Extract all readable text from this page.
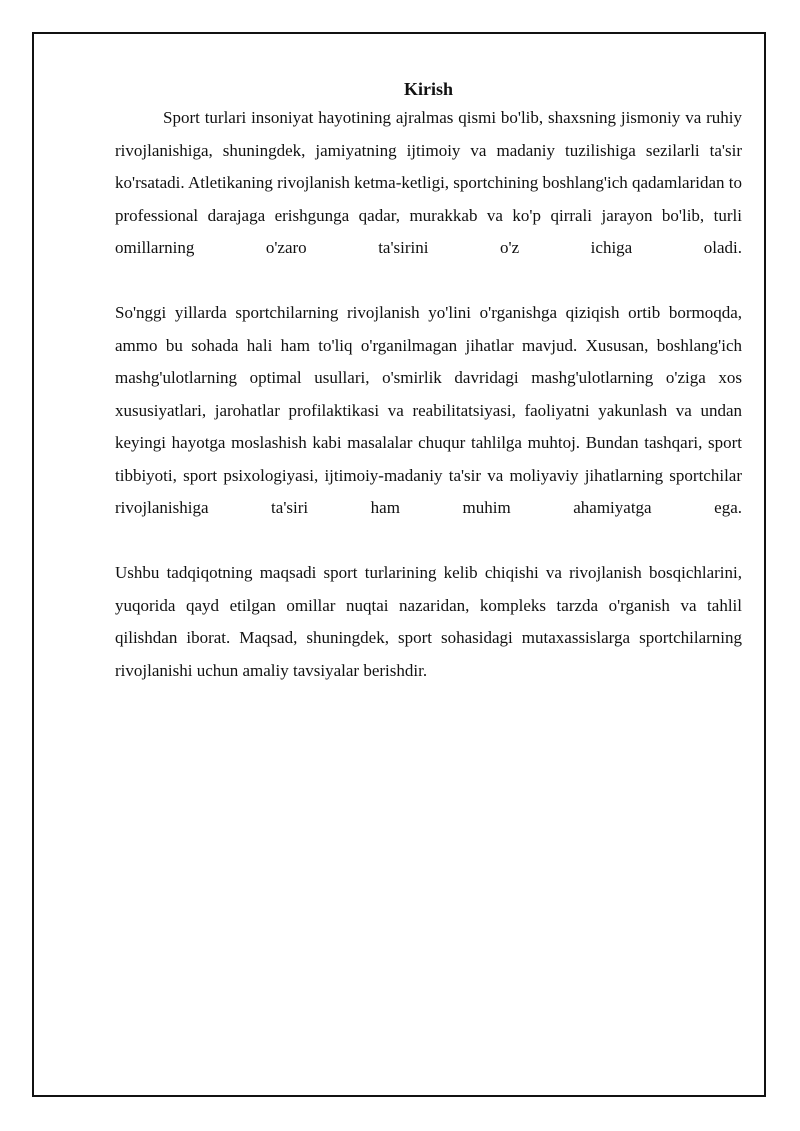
Kirish

Sport turlari insoniyat hayotining ajralmas qismi bo'lib, shaxsning jismoniy va ruhiy rivojlanishiga, shuningdek, jamiyatning ijtimoiy va madaniy tuzilishiga sezilarli ta'sir ko'rsatadi. Atletikaning rivojlanish ketma-ketligi, sportchining boshlang'ich qadamlaridan to professional darajaga erishgunga qadar, murakkab va ko'p qirrali jarayon bo'lib, turli omillarning o'zaro ta'sirini o'z ichiga oladi.

So'nggi yillarda sportchilarning rivojlanish yo'lini o'rganishga qiziqish ortib bormoqda, ammo bu sohada hali ham to'liq o'rganilmagan jihatlar mavjud. Xususan, boshlang'ich mashg'ulotlarning optimal usullari, o'smirlik davridagi mashg'ulotlarning o'ziga xos xususiyatlari, jarohatlar profilaktikasi va reabilitatsiyasi, faoliyatni yakunlash va undan keyingi hayotga moslashish kabi masalalar chuqur tahlilga muhtoj. Bundan tashqari, sport tibbiyoti, sport psixologiyasi, ijtimoiy-madaniy ta'sir va moliyaviy jihatlarning sportchilar rivojlanishiga ta'siri ham muhim ahamiyatga ega.

Ushbu tadqiqotning maqsadi sport turlarining kelib chiqishi va rivojlanish bosqichlarini, yuqorida qayd etilgan omillar nuqtai nazaridan, kompleks tarzda o'rganish va tahlil qilishdan iborat. Maqsad, shuningdek, sport sohasidagi mutaxassislarga sportchilarning rivojlanishi uchun amaliy tavsiyalar berishdir.
